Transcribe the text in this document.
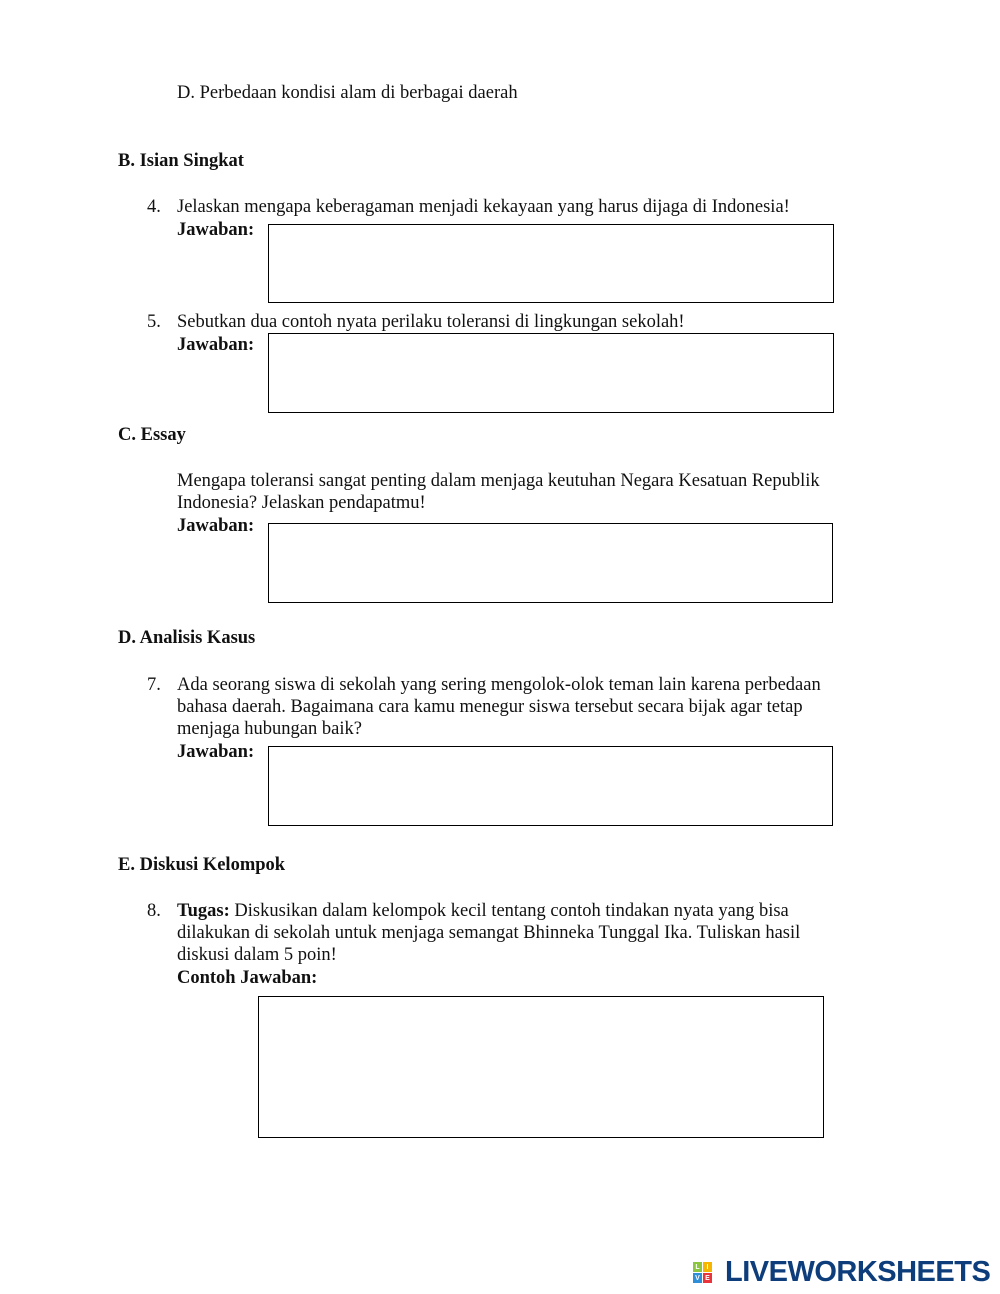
D. Perbedaan kondisi alam di berbagai daerah
B. Isian Singkat
4. Jelaskan mengapa keberagaman menjadi kekayaan yang harus dijaga di Indonesia!
Jawaban:
5. Sebutkan dua contoh nyata perilaku toleransi di lingkungan sekolah!
Jawaban:
C. Essay
Mengapa toleransi sangat penting dalam menjaga keutuhan Negara Kesatuan Republik
Indonesia? Jelaskan pendapatmu!
Jawaban:
D. Analisis Kasus
7. Ada seorang siswa di sekolah yang sering mengolok-olok teman lain karena perbedaan
bahasa daerah. Bagaimana cara kamu menegur siswa tersebut secara bijak agar tetap
menjaga hubungan baik?
Jawaban:
E. Diskusi Kelompok
8. Tugas: Diskusikan dalam kelompok kecil tentang contoh tindakan nyata yang bisa
dilakukan di sekolah untuk menjaga semangat Bhinneka Tunggal Ika. Tuliskan hasil
diskusi dalam 5 poin!
Contoh Jawaban:
L I
V E LIVEWORKSHEETS
